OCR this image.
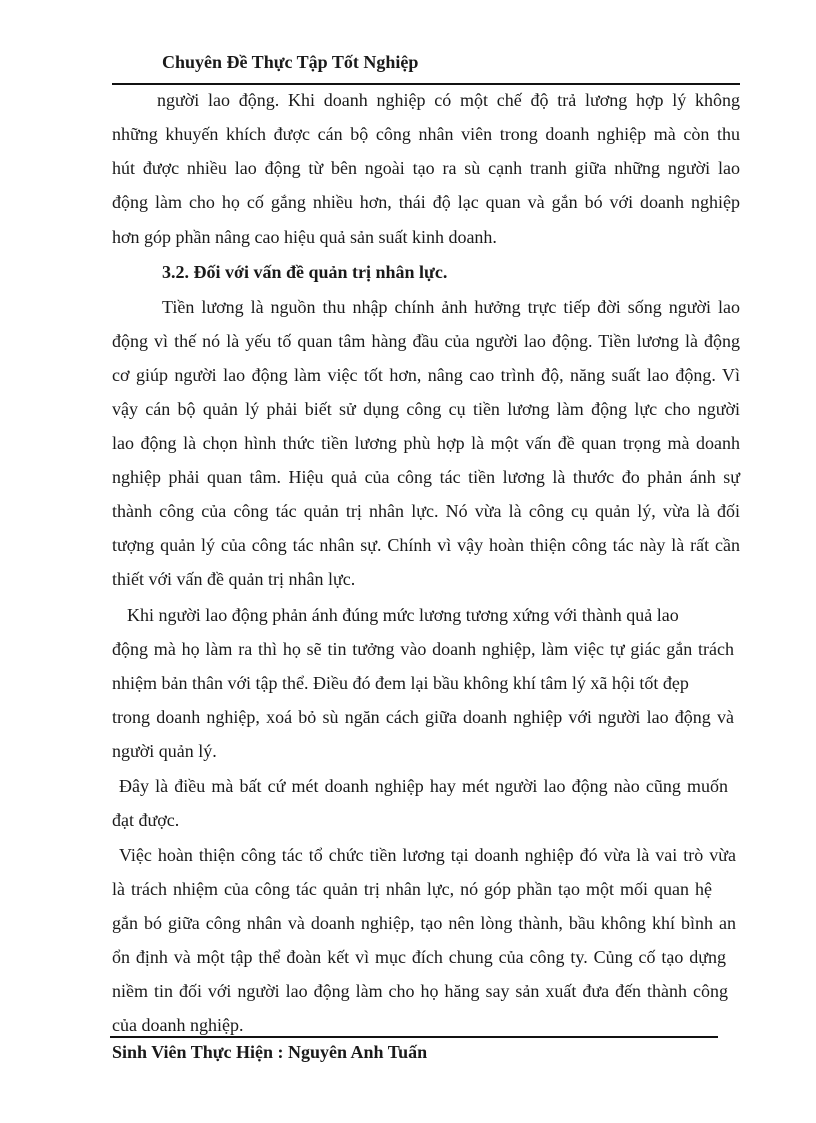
Chuyên Đề Thực Tập Tốt Nghiệp
người lao động. Khi doanh nghiệp có một chế độ trả lương hợp lý không
những khuyến khích được cán bộ công nhân viên trong doanh nghiệp mà còn thu
hút được nhiều lao động từ bên ngoài tạo ra sù cạnh tranh giữa những người lao
động làm cho họ cố gắng nhiều hơn, thái độ lạc quan và gắn bó với doanh nghiệp
hơn góp phần nâng cao hiệu quả sản suất kinh doanh.
3.2. Đối với vấn đề quản trị nhân lực.
Tiền lương là nguồn thu nhập chính ảnh hưởng trực tiếp đời sống người lao
động vì thế nó là yếu tố quan tâm hàng đầu của người lao động. Tiền lương là động
cơ giúp người lao động làm việc tốt hơn, nâng cao trình độ, năng suất lao động. Vì
vậy cán bộ quản lý phải biết sử dụng công cụ tiền lương làm động lực cho người
lao động là chọn hình thức tiền lương phù hợp là một vấn đề quan trọng mà doanh
nghiệp phải quan tâm. Hiệu quả của công tác tiền lương là thước đo phản ánh sự
thành công của công tác quản trị nhân lực. Nó vừa là công cụ quản lý, vừa là đối
tượng quản lý của công tác nhân sự. Chính vì vậy hoàn thiện công tác này là rất cần
thiết với vấn đề quản trị nhân lực.
Khi người lao động phản ánh đúng mức lương tương xứng với thành quả lao
động mà họ làm ra thì họ sẽ tin tưởng vào doanh nghiệp, làm việc tự giác gắn trách
nhiệm bản thân với tập thể. Điều đó đem lại bầu không khí tâm lý xã hội tốt đẹp
trong doanh nghiệp, xoá bỏ sù ngăn cách giữa doanh nghiệp với người lao động và
người quản lý.
Đây là điều mà bất cứ mét doanh nghiệp hay mét người lao động nào cũng muốn
đạt được.
Việc hoàn thiện công tác tổ chức tiền lương tại doanh nghiệp đó vừa là vai trò vừa
là trách nhiệm của công tác quản trị nhân lực, nó góp phần tạo một mối quan hệ
gắn bó giữa công nhân và doanh nghiệp, tạo nên lòng thành, bầu không khí bình an
ổn định và một tập thể đoàn kết vì mục đích chung của công ty. Củng cố tạo dựng
niềm tin đối với người lao động làm cho họ hăng say sản xuất đưa đến thành công
của doanh nghiệp.
Sinh Viên Thực Hiện : Nguyên Anh Tuấn
